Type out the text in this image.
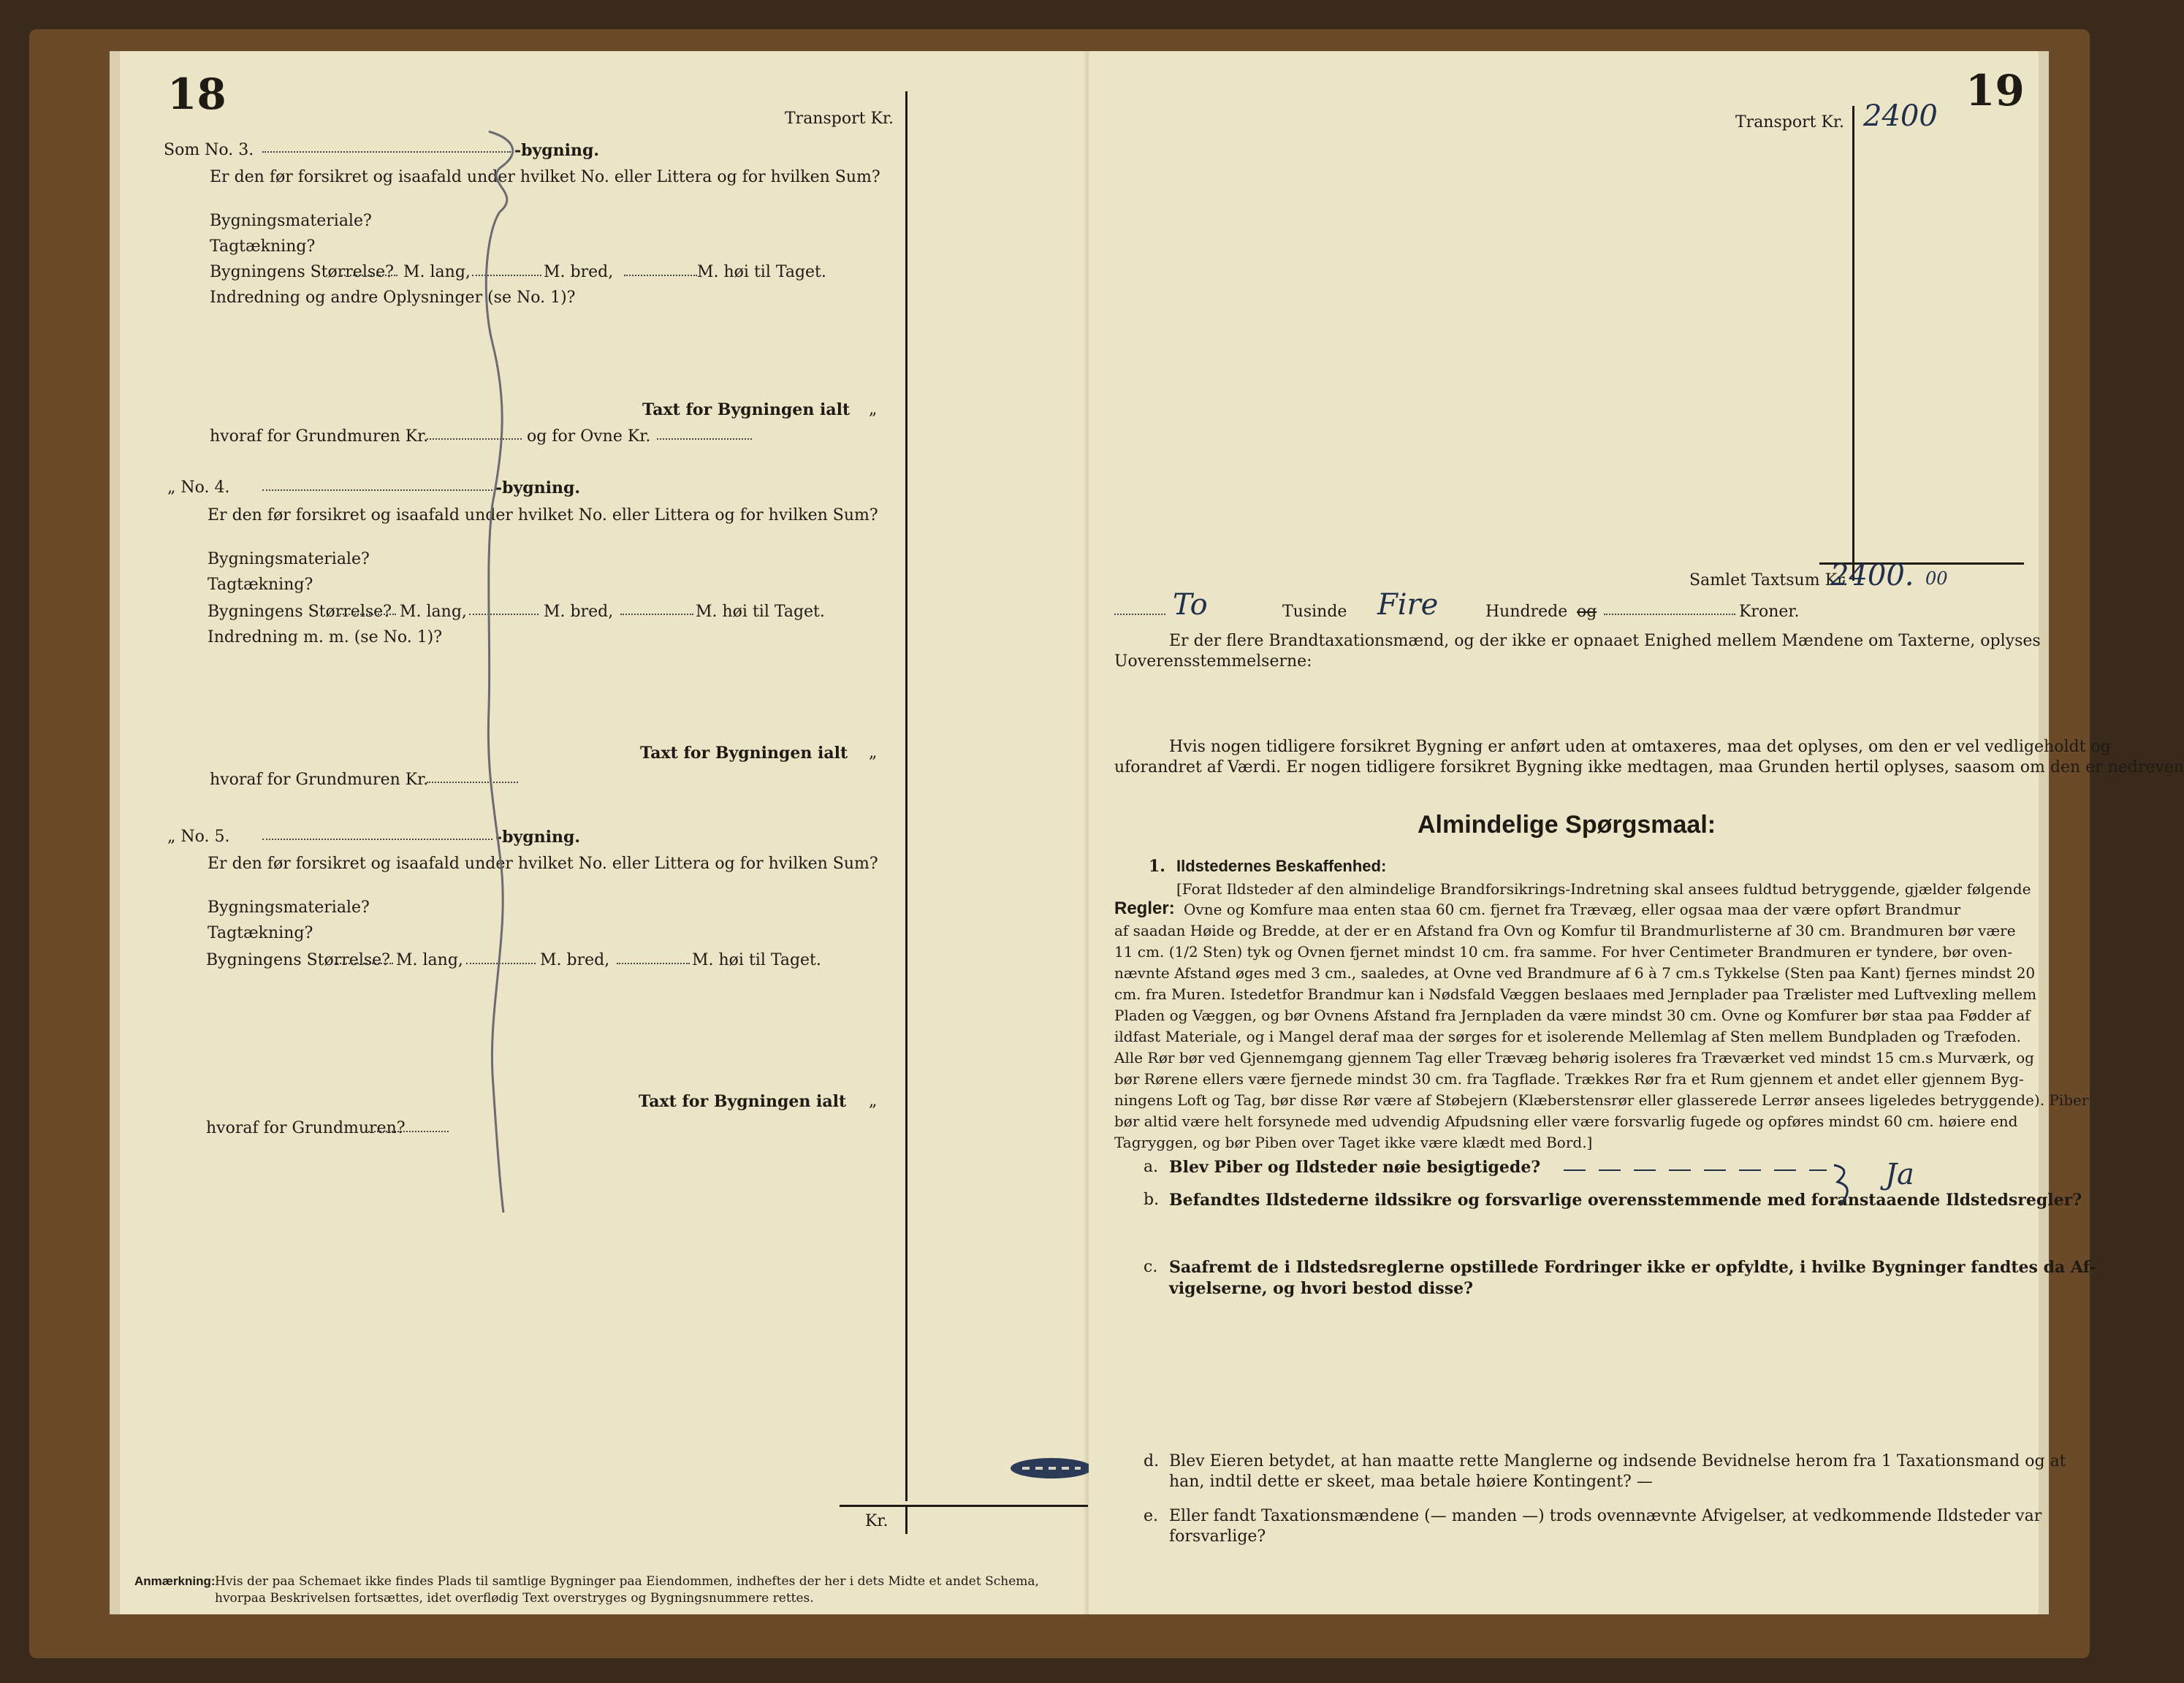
18	Transport Kr.
Kr.
Som No. 3.	-bygning.
Er den før forsikret og isaafald under hvilket No. eller Littera og for hvilken Sum?
Bygningsmateriale?
Tagtækning?
Bygningens Størrelse? M. lang,	M. bred,	M. høi til Taget.
Indredning og andre Oplysninger (se No. 1)?
Taxt for Bygningen ialt „
hvoraf for Grundmuren Kr.	og for Ovne Kr.
„ No. 4.	-bygning.
Er den før forsikret og isaafald under hvilket No. eller Littera og for hvilken Sum?
Bygningsmateriale?
Tagtækning?
Bygningens Størrelse? M. lang,	M. bred,	M. høi til Taget.
Indredning m. m. (se No. 1)?
Taxt for Bygningen ialt „
hvoraf for Grundmuren Kr.
„ No. 5.	-bygning.
Er den før forsikret og isaafald under hvilket No. eller Littera og for hvilken Sum?
Bygningsmateriale?
Tagtækning?
Bygningens Størrelse? M. lang,	M. bred,	M. høi til Taget.
Taxt for Bygningen ialt „
hvoraf for Grundmuren?
Anmærkning: Hvis der paa Schemaet ikke findes Plads til samtlige Bygninger paa Eiendommen, indheftes der her i dets Midte et andet Schema,
hvorpaa Beskrivelsen fortsættes, idet overflødig Text overstryges og Bygningsnummere rettes.
19
Transport Kr. 2400
Samlet Taxtsum Kr.
2400. 00
To	Tusinde Fire	Hundrede og	Kroner.
Er der flere Brandtaxationsmænd, og der ikke er opnaaet Enighed mellem Mændene om Taxterne, oplyses
Uoverensstemmelserne:
Hvis nogen tidligere forsikret Bygning er anført uden at omtaxeres, maa det oplyses, om den er vel vedligeholdt og
uforandret af Værdi. Er nogen tidligere forsikret Bygning ikke medtagen, maa Grunden hertil oplyses, saasom om den er nedreven
Almindelige Spørgsmaal:
1. Ildstedernes Beskaffenhed:
[Forat Ildsteder af den almindelige Brandforsikrings-Indretning skal ansees fuldtud betryggende, gjælder følgende
Regler: Ovne og Komfure maa enten staa 60 cm. fjernet fra Trævæg, eller ogsaa maa der være opført Brandmur
af saadan Høide og Bredde, at der er en Afstand fra Ovn og Komfur til Brandmurlisterne af 30 cm. Brandmuren bør være
11 cm. (1/2 Sten) tyk og Ovnen fjernet mindst 10 cm. fra samme. For hver Centimeter Brandmuren er tyndere, bør oven-
nævnte Afstand øges med 3 cm., saaledes, at Ovne ved Brandmure af 6 à 7 cm.s Tykkelse (Sten paa Kant) fjernes mindst 20
cm. fra Muren. Istedetfor Brandmur kan i Nødsfald Væggen beslaaes med Jernplader paa Trælister med Luftvexling mellem
Pladen og Væggen, og bør Ovnens Afstand fra Jernpladen da være mindst 30 cm. Ovne og Komfurer bør staa paa Fødder af
ildfast Materiale, og i Mangel deraf maa der sørges for et isolerende Mellemlag af Sten mellem Bundpladen og Træfoden.
Alle Rør bør ved Gjennemgang gjennem Tag eller Trævæg behørig isoleres fra Træværket ved mindst 15 cm.s Murværk, og
bør Rørene ellers være fjernede mindst 30 cm. fra Tagflade. Trækkes Rør fra et Rum gjennem et andet eller gjennem Byg-
ningens Loft og Tag, bør disse Rør være af Støbejern (Klæberstensrør eller glasserede Lerrør ansees ligeledes betryggende). Piber
bør altid være helt forsynede med udvendig Afpudsning eller være forsvarlig fugede og opføres mindst 60 cm. høiere end
Tagryggen, og bør Piben over Taget ikke være klædt med Bord.]
a. Blev Piber og Ildsteder nøie besigtigede?
b. Befandtes Ildstederne ildssikre og forsvarlige overensstemmende med foranstaaende Ildstedsregler?
Ja
c. Saafremt de i Ildstedsreglerne opstillede Fordringer ikke er opfyldte, i hvilke Bygninger fandtes da Af-
vigelserne, og hvori bestod disse?
d. Blev Eieren betydet, at han maatte rette Manglerne og indsende Bevidnelse herom fra 1 Taxationsmand og at
han, indtil dette er skeet, maa betale høiere Kontingent? —
e. Eller fandt Taxationsmændene (— manden —) trods ovennævnte Afvigelser, at vedkommende Ildsteder var
forsvarlige?
